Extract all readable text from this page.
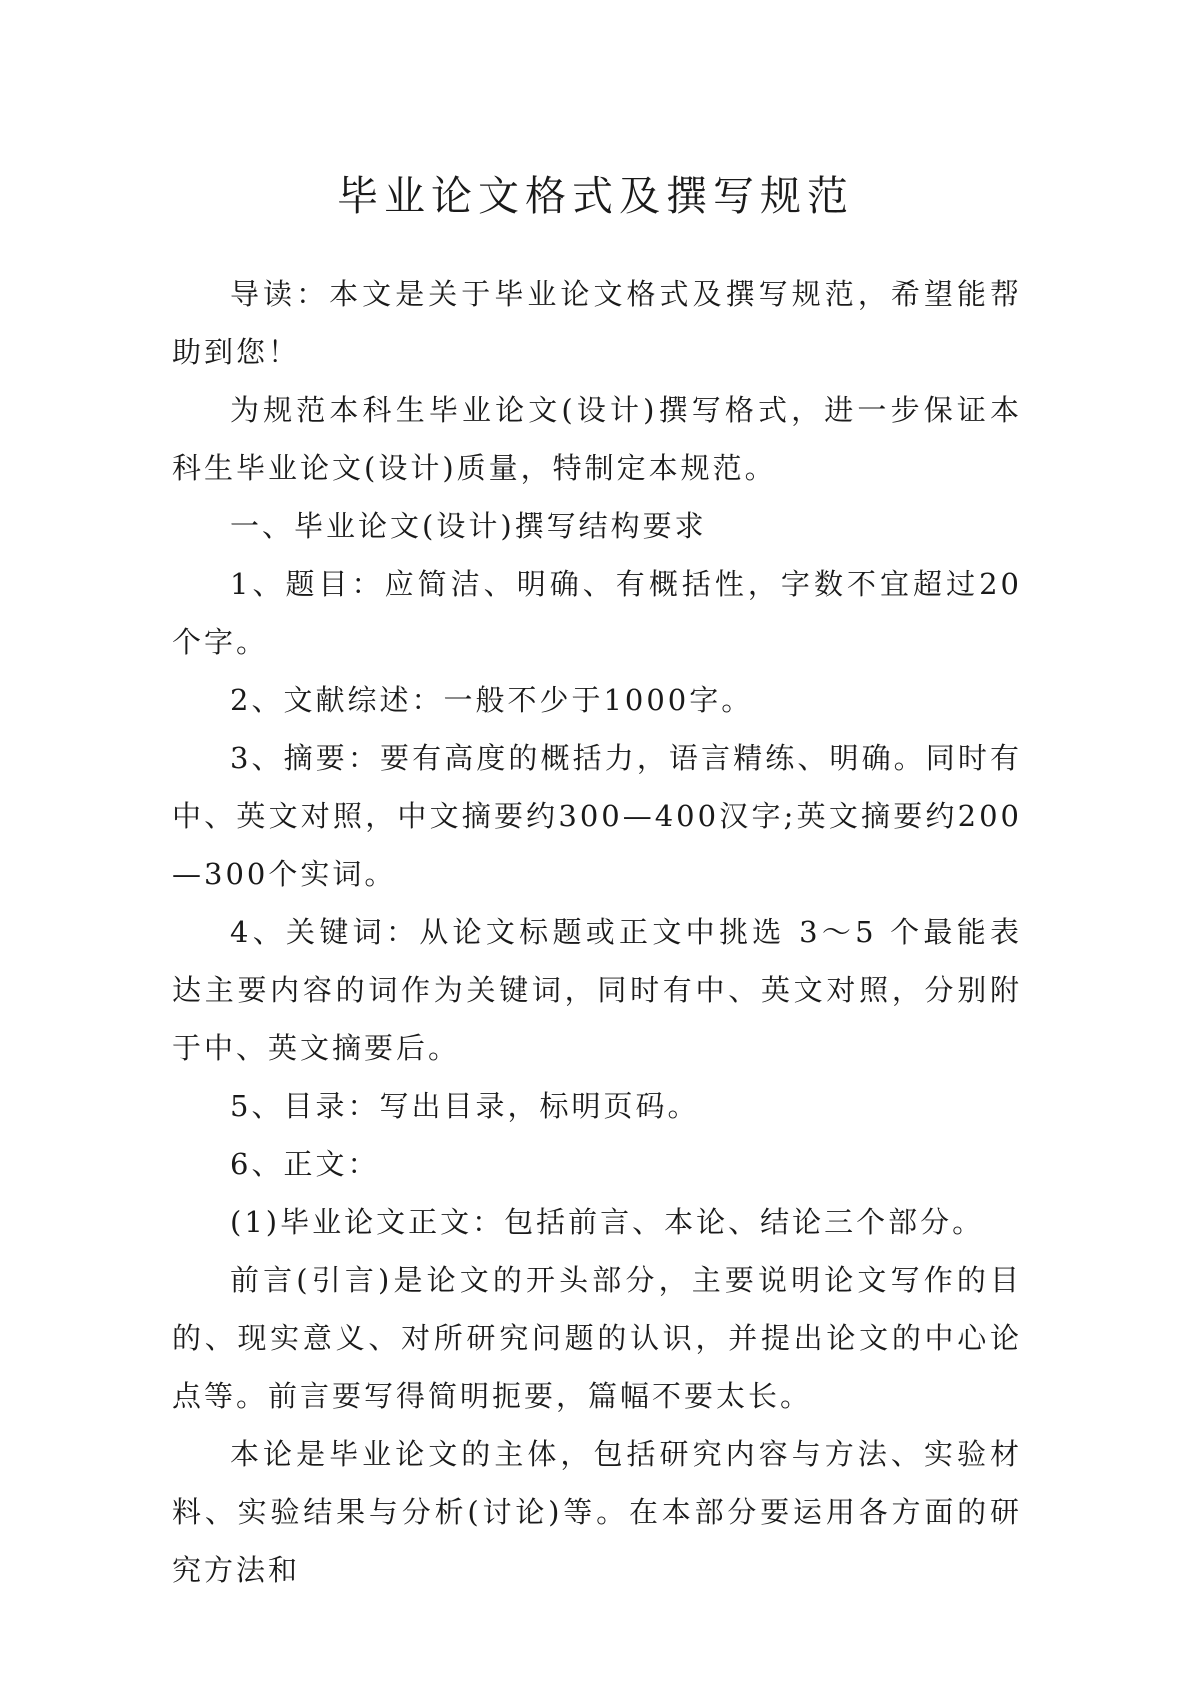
毕业论文格式及撰写规范

导读：本文是关于毕业论文格式及撰写规范，希望能帮助到您！

为规范本科生毕业论文(设计)撰写格式，进一步保证本科生毕业论文(设计)质量，特制定本规范。

一、毕业论文(设计)撰写结构要求

1、题目：应简洁、明确、有概括性，字数不宜超过20个字。

2、文献综述：一般不少于1000字。

3、摘要：要有高度的概括力，语言精练、明确。同时有中、英文对照，中文摘要约300—400汉字;英文摘要约200—300个实词。

4、关键词：从论文标题或正文中挑选 3～5 个最能表达主要内容的词作为关键词，同时有中、英文对照，分别附于中、英文摘要后。

5、目录：写出目录，标明页码。

6、正文：

(1)毕业论文正文：包括前言、本论、结论三个部分。

前言(引言)是论文的开头部分，主要说明论文写作的目的、现实意义、对所研究问题的认识，并提出论文的中心论点等。前言要写得简明扼要，篇幅不要太长。

本论是毕业论文的主体，包括研究内容与方法、实验材料、实验结果与分析(讨论)等。在本部分要运用各方面的研究方法和
